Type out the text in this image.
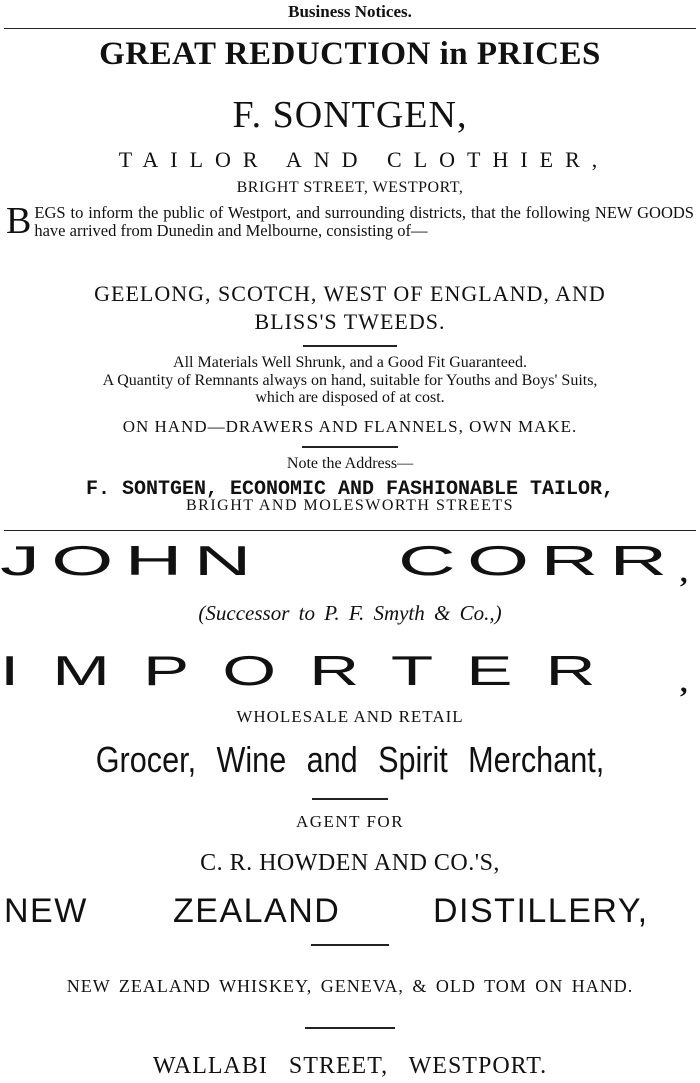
Business Notices.
GREAT REDUCTION in PRICES
F. SONTGEN,
TAILOR AND CLOTHIER,
BRIGHT STREET, WESTPORT,
BEGS to inform the public of Westport, and surrounding districts, that the following NEW GOODS have arrived from Dunedin and Melbourne, consisting of—
GEELONG, SCOTCH, WEST OF ENGLAND, AND
BLISS'S TWEEDS.
All Materials Well Shrunk, and a Good Fit Guaranteed.
A Quantity of Remnants always on hand, suitable for Youths and Boys' Suits,
which are disposed of at cost.
ON HAND—DRAWERS AND FLANNELS, OWN MAKE.
Note the Address—
F. SONTGEN, ECONOMIC AND FASHIONABLE TAILOR,
BRIGHT AND MOLESWORTH STREETS
JOHN	CORR ,
(Successor to P. F. Smyth & Co.,)
IMPORTER ,
WHOLESALE AND RETAIL
Grocer, Wine and Spirit Merchant,
AGENT FOR
C. R. HOWDEN AND CO.'S,
NEW	ZEALAND	DISTILLERY,
NEW ZEALAND WHISKEY, GENEVA, & OLD TOM ON HAND.
WALLABI STREET, WESTPORT.
